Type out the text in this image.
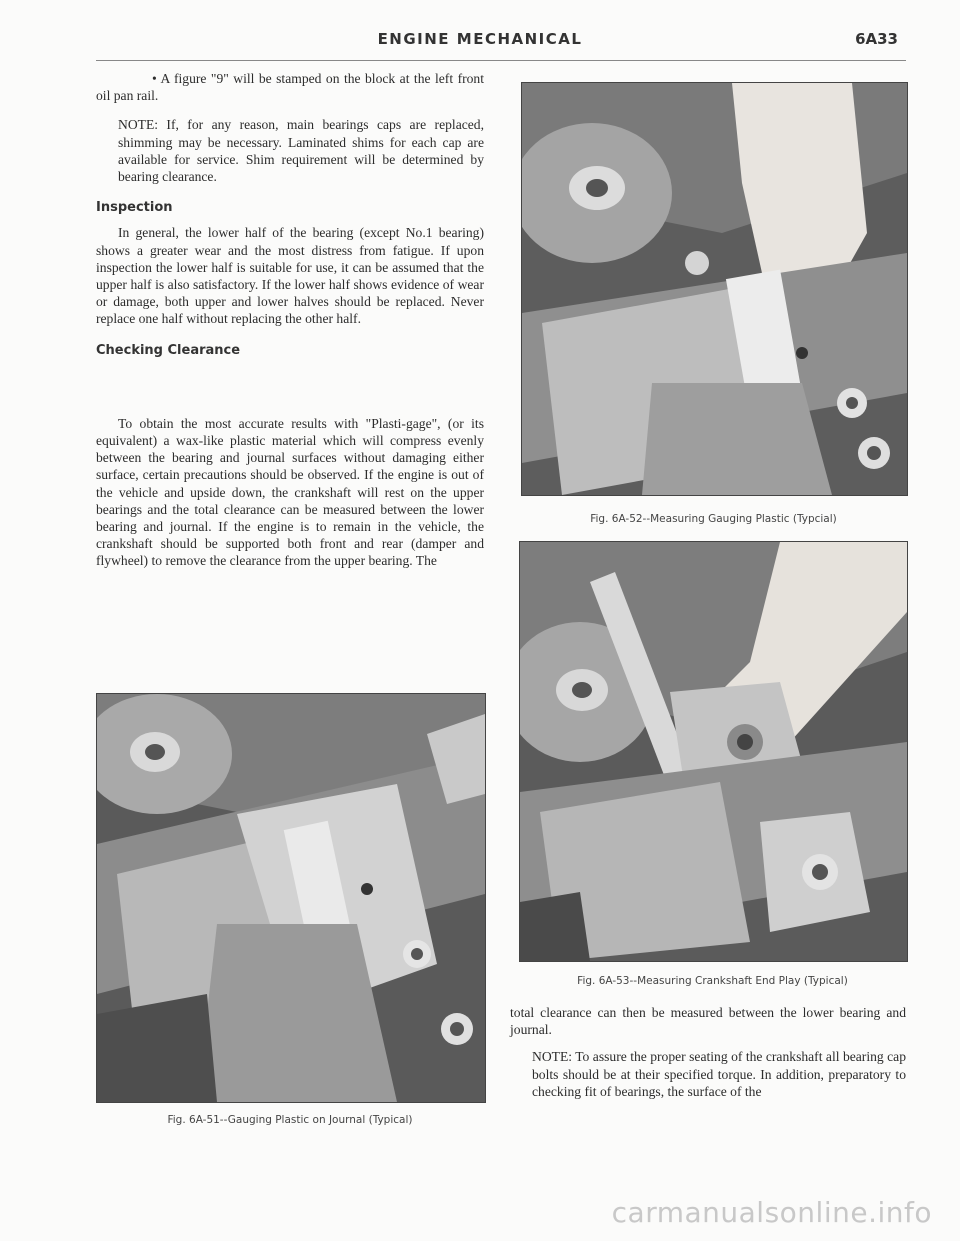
ENGINE MECHANICAL	6A33

• A figure "9" will be stamped on the block at the left front oil pan rail.

NOTE: If, for any reason, main bearings caps are replaced, shimming may be necessary. Laminated shims for each cap are available for service. Shim requirement will be determined by bearing clearance.

Inspection

In general, the lower half of the bearing (except No.1 bearing) shows a greater wear and the most distress from fatigue. If upon inspection the lower half is suitable for use, it can be assumed that the upper half is also satisfactory. If the lower half shows evidence of wear or damage, both upper and lower halves should be replaced. Never replace one half without replacing the other half.

Checking Clearance

To obtain the most accurate results with "Plasti-gage", (or its equivalent) a wax-like plastic material which will compress evenly between the bearing and journal surfaces without damaging either surface, certain precautions should be observed. If the engine is out of the vehicle and upside down, the crankshaft will rest on the upper bearings and the total clearance can be measured between the lower bearing and journal. If the engine is to remain in the vehicle, the crankshaft should be supported both front and rear (damper and flywheel) to remove the clearance from the upper bearing. The

Fig. 6A-51--Gauging Plastic on Journal (Typical)
Fig. 6A-52--Measuring Gauging Plastic (Typcial)
Fig. 6A-53--Measuring Crankshaft End Play (Typical)

total clearance can then be measured between the lower bearing and journal.

NOTE: To assure the proper seating of the crankshaft all bearing cap bolts should be at their specified torque. In addition, preparatory to checking fit of bearings, the surface of the

carmanualsonline.info
